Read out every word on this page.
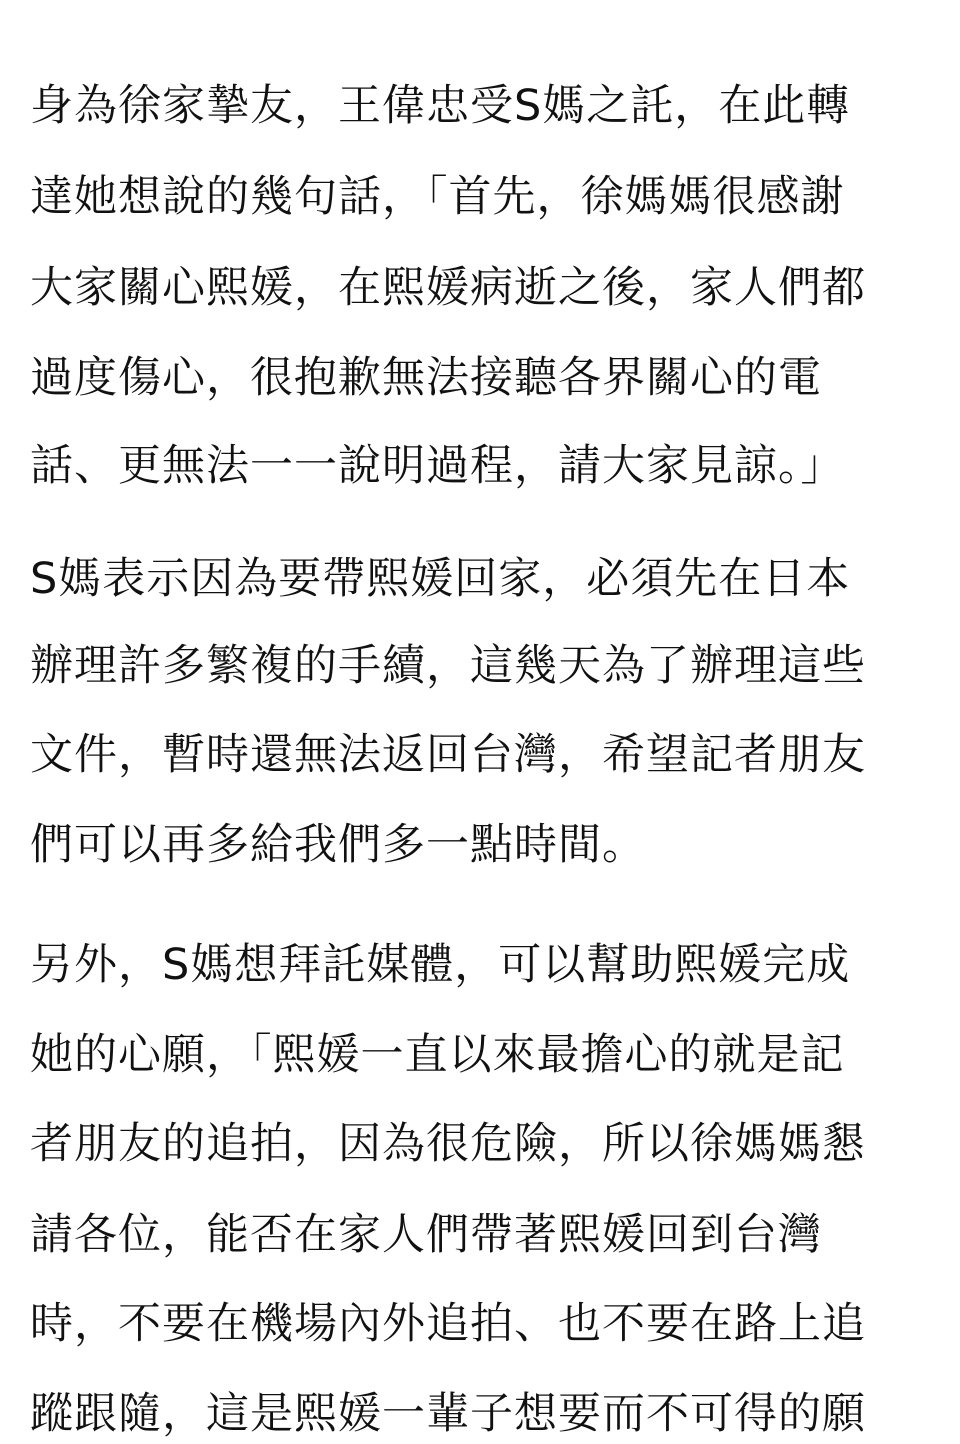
身為徐家摯友，王偉忠受S媽之託，在此轉
達她想說的幾句話，「首先，徐媽媽很感謝
大家關心熙媛，在熙媛病逝之後，家人們都
過度傷心，很抱歉無法接聽各界關心的電
話、更無法一一說明過程，請大家見諒。」
S媽表示因為要帶熙媛回家，必須先在日本
辦理許多繁複的手續，這幾天為了辦理這些
文件，暫時還無法返回台灣，希望記者朋友
們可以再多給我們多一點時間。
另外，S媽想拜託媒體，可以幫助熙媛完成
她的心願，「熙媛一直以來最擔心的就是記
者朋友的追拍，因為很危險，所以徐媽媽懇
請各位，能否在家人們帶著熙媛回到台灣
時，不要在機場內外追拍、也不要在路上追
蹤跟隨，這是熙媛一輩子想要而不可得的願
